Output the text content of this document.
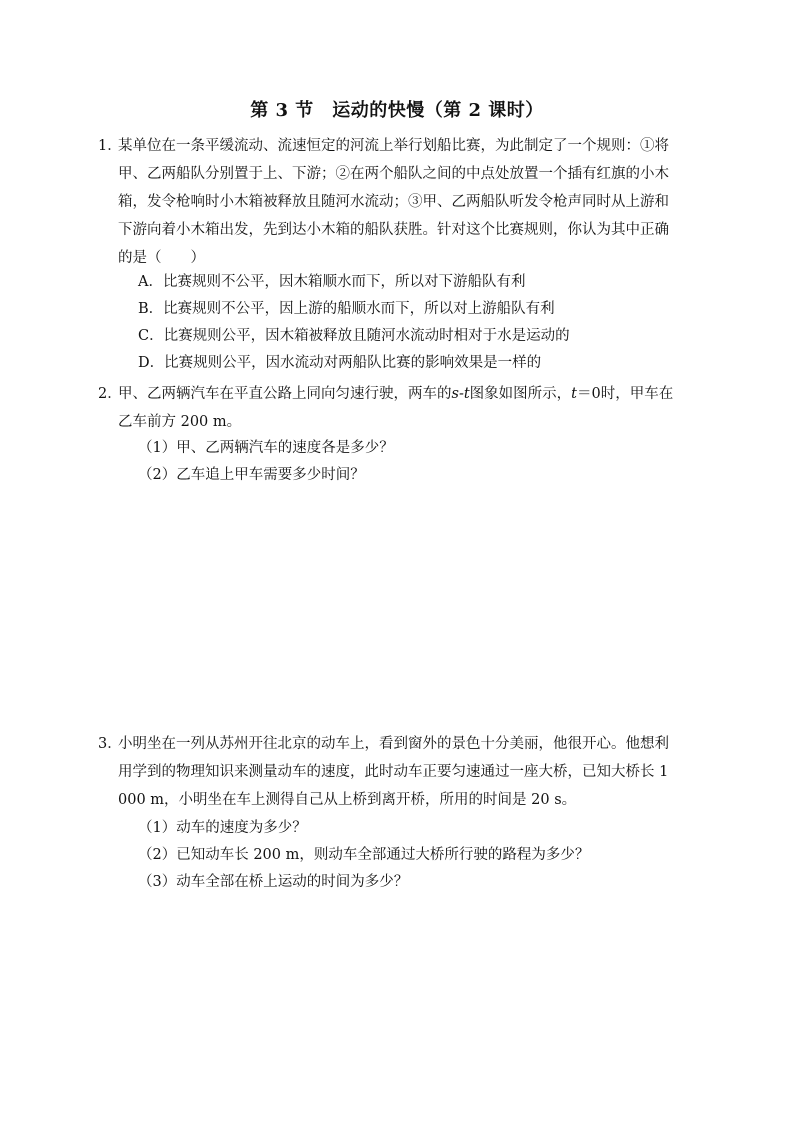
第 3 节　运动的快慢（第 2 课时）
1．
某单位在一条平缓流动、流速恒定的河流上举行划船比赛，为此制定了一个规则：①将甲、乙两船队分别置于上、下游；②在两个船队之间的中点处放置一个插有红旗的小木箱，发令枪响时小木箱被释放且随河水流动；③甲、乙两船队听发令枪声同时从上游和下游向着小木箱出发，先到达小木箱的船队获胜。针对这个比赛规则，你认为其中正确的是（　　）
A．比赛规则不公平，因木箱顺水而下，所以对下游船队有利
B．比赛规则不公平，因上游的船顺水而下，所以对上游船队有利
C．比赛规则公平，因木箱被释放且随河水流动时相对于水是运动的
D．比赛规则公平，因水流动对两船队比赛的影响效果是一样的
2．
甲、乙两辆汽车在平直公路上同向匀速行驶，两车的s-t图象如图所示，t＝0时，甲车在乙车前方 200 m。
（1）甲、乙两辆汽车的速度各是多少？
（2）乙车追上甲车需要多少时间？
3．
小明坐在一列从苏州开往北京的动车上，看到窗外的景色十分美丽，他很开心。他想利用学到的物理知识来测量动车的速度，此时动车正要匀速通过一座大桥，已知大桥长 1 000 m，小明坐在车上测得自己从上桥到离开桥，所用的时间是 20 s。
（1）动车的速度为多少？
（2）已知动车长 200 m，则动车全部通过大桥所行驶的路程为多少？
（3）动车全部在桥上运动的时间为多少？
